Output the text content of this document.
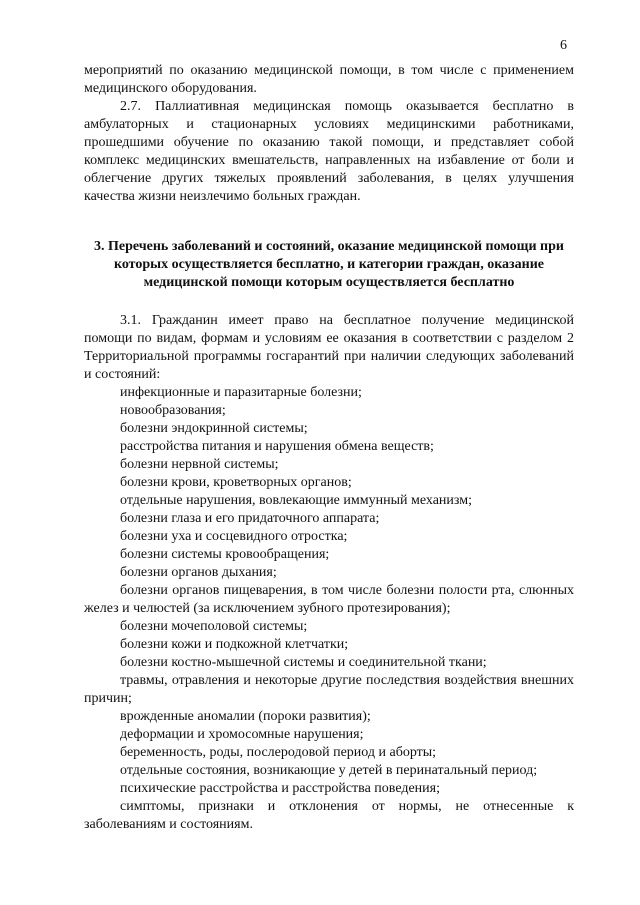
6

мероприятий по оказанию медицинской помощи, в том числе с применением медицинского оборудования.

2.7. Паллиативная медицинская помощь оказывается бесплатно в амбулаторных и стационарных условиях медицинскими работниками, прошедшими обучение по оказанию такой помощи, и представляет собой комплекс медицинских вмешательств, направленных на избавление от боли и облегчение других тяжелых проявлений заболевания, в целях улучшения качества жизни неизлечимо больных граждан.

3. Перечень заболеваний и состояний, оказание медицинской помощи при которых осуществляется бесплатно, и категории граждан, оказание медицинской помощи которым осуществляется бесплатно

3.1. Гражданин имеет право на бесплатное получение медицинской помощи по видам, формам и условиям ее оказания в соответствии с разделом 2 Территориальной программы госгарантий при наличии следующих заболеваний и состояний:

инфекционные и паразитарные болезни;

новообразования;

болезни эндокринной системы;

расстройства питания и нарушения обмена веществ;

болезни нервной системы;

болезни крови, кроветворных органов;

отдельные нарушения, вовлекающие иммунный механизм;

болезни глаза и его придаточного аппарата;

болезни уха и сосцевидного отростка;

болезни системы кровообращения;

болезни органов дыхания;

болезни органов пищеварения, в том числе болезни полости рта, слюнных желез и челюстей (за исключением зубного протезирования);

болезни мочеполовой системы;

болезни кожи и подкожной клетчатки;

болезни костно-мышечной системы и соединительной ткани;

травмы, отравления и некоторые другие последствия воздействия внешних причин;

врожденные аномалии (пороки развития);

деформации и хромосомные нарушения;

беременность, роды, послеродовой период и аборты;

отдельные состояния, возникающие у детей в перинатальный период;

психические расстройства и расстройства поведения;

симптомы, признаки и отклонения от нормы, не отнесенные к заболеваниям и состояниям.
